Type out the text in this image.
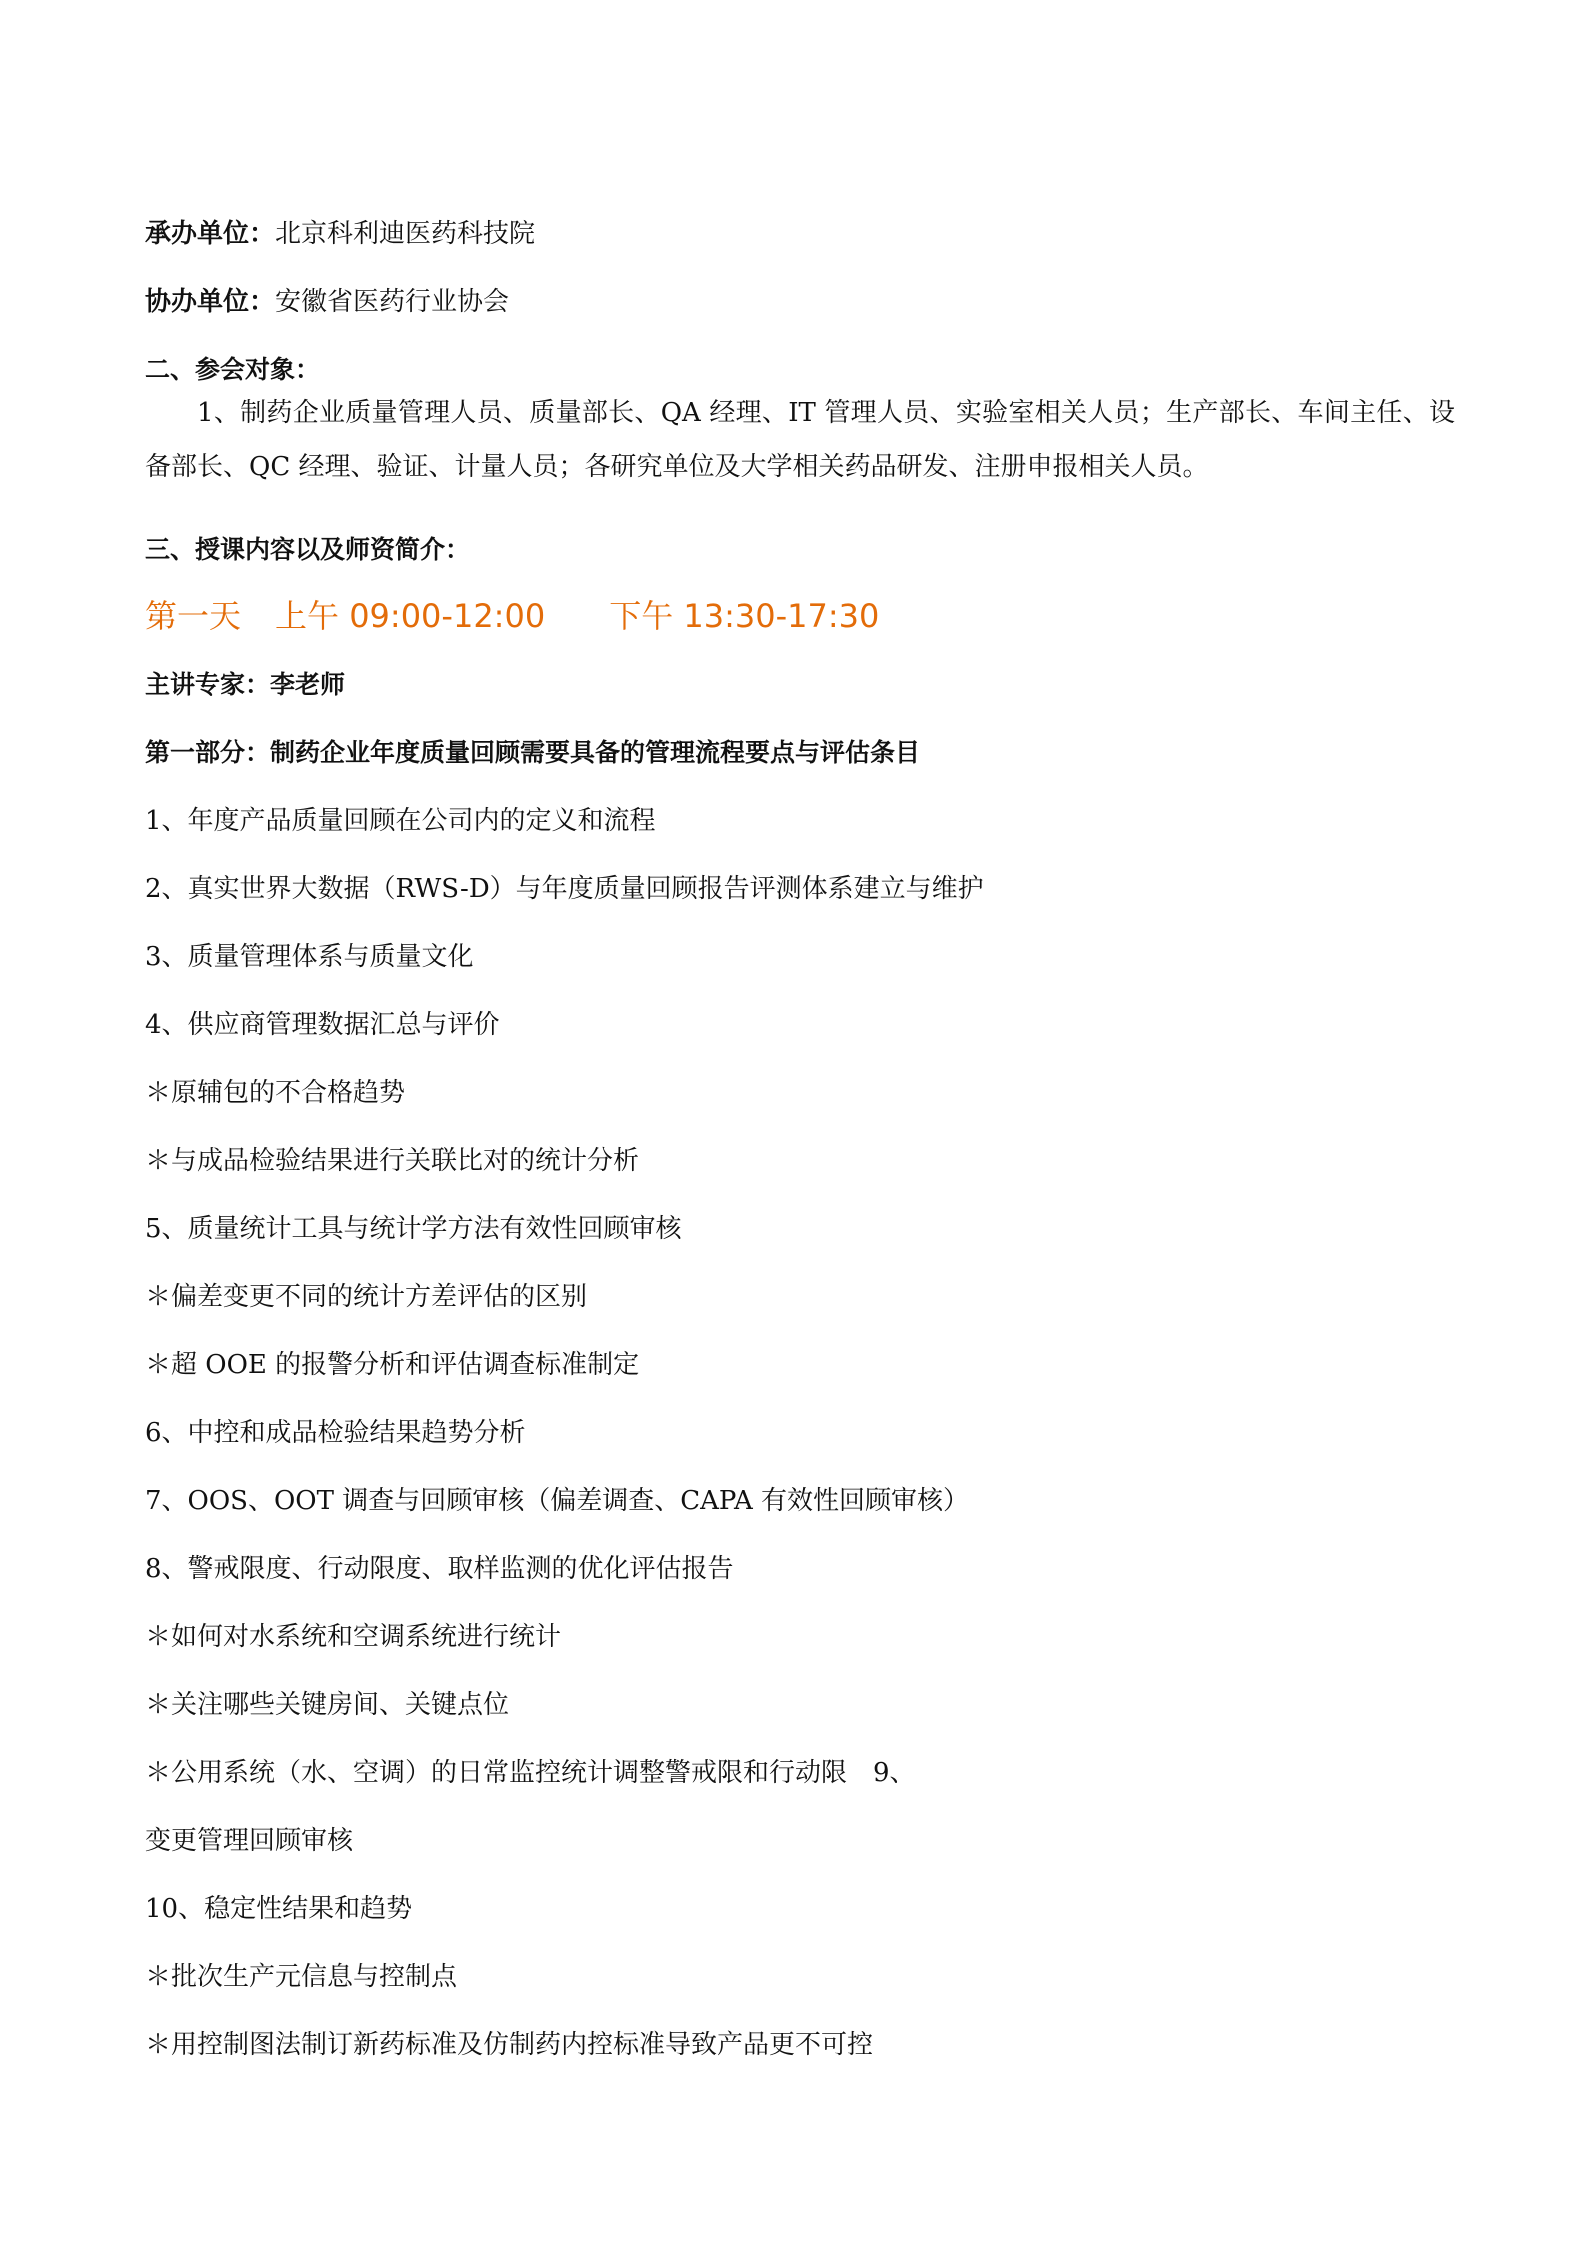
承办单位：北京科利迪医药科技院
协办单位：安徽省医药行业协会
二、参会对象：
1、制药企业质量管理人员、质量部长、QA 经理、IT 管理人员、实验室相关人员；生产部长、车间主任、设备部长、QC 经理、验证、计量人员；各研究单位及大学相关药品研发、注册申报相关人员。
三、授课内容以及师资简介：
第一天 上午 09:00-12:00 下午 13:30-17:30
主讲专家：李老师
第一部分：制药企业年度质量回顾需要具备的管理流程要点与评估条目
1、年度产品质量回顾在公司内的定义和流程
2、真实世界大数据（RWS-D）与年度质量回顾报告评测体系建立与维护
3、质量管理体系与质量文化
4、供应商管理数据汇总与评价
＊原辅包的不合格趋势
＊与成品检验结果进行关联比对的统计分析
5、质量统计工具与统计学方法有效性回顾审核
＊偏差变更不同的统计方差评估的区别
＊超 OOE 的报警分析和评估调查标准制定
6、中控和成品检验结果趋势分析
7、OOS、OOT 调查与回顾审核（偏差调查、CAPA 有效性回顾审核）
8、警戒限度、行动限度、取样监测的优化评估报告
＊如何对水系统和空调系统进行统计
＊关注哪些关键房间、关键点位
＊公用系统（水、空调）的日常监控统计调整警戒限和行动限　9、
变更管理回顾审核
10、稳定性结果和趋势
＊批次生产元信息与控制点
＊用控制图法制订新药标准及仿制药内控标准导致产品更不可控
